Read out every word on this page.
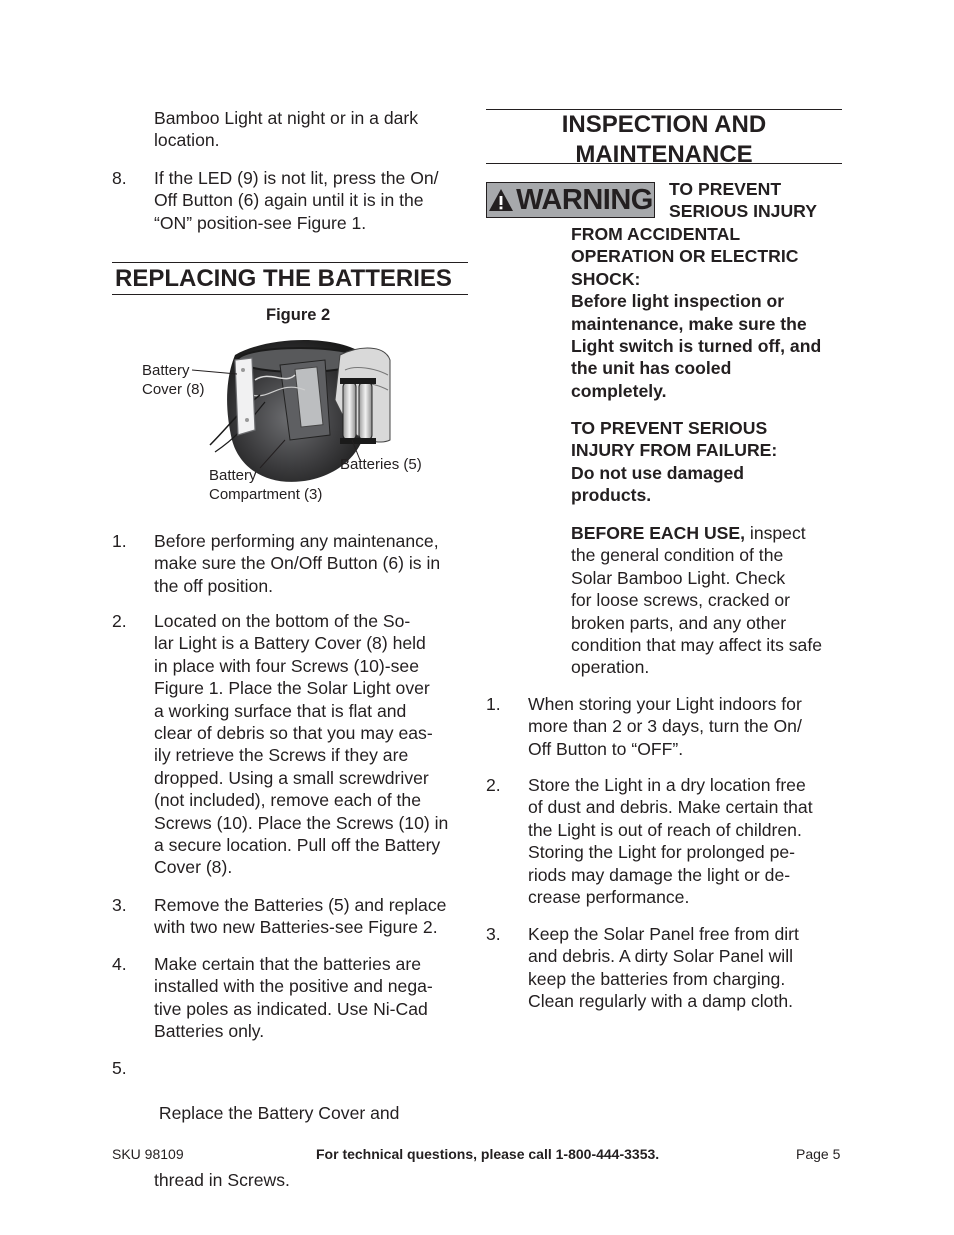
Bamboo Light at night or in a dark
location.
8. If the LED (9) is not lit, press the On/
Off Button (6) again until it is in the
“ON” position-see Figure 1.
REPLACING THE BATTERIES
Figure 2
Battery
Cover (8)
Batteries (5)
Battery
Compartment (3)
1. Before performing any maintenance,
make sure the On/Off Button (6) is in
the off position.
2. Located on the bottom of the So-
lar Light is a Battery Cover (8) held
in place with four Screws (10)-see
Figure 1. Place the Solar Light over
a working surface that is flat and
clear of debris so that you may eas-
ily retrieve the Screws if they are
dropped. Using a small screwdriver
(not included), remove each of the
Screws (10). Place the Screws (10) in
a secure location. Pull off the Battery
Cover (8).
3. Remove the Batteries (5) and replace
with two new Batteries-see Figure 2.
4. Make certain that the batteries are
installed with the positive and nega-
tive poles as indicated. Use Ni-Cad
Batteries only.
5.

Replace the Battery Cover and

thread in Screws.

INSPECTION AND
MAINTENANCE
WARNING TO PREVENT
SERIOUS INJURY
FROM ACCIDENTAL
OPERATION OR ELECTRIC
SHOCK:
Before light inspection or
maintenance, make sure the
Light switch is turned off, and
the unit has cooled
completely.
TO PREVENT SERIOUS
INJURY FROM FAILURE:
Do not use damaged
products.
BEFORE EACH USE, inspect
the general condition of the
Solar Bamboo Light. Check
for loose screws, cracked or
broken parts, and any other
condition that may affect its safe
operation.
1. When storing your Light indoors for
more than 2 or 3 days, turn the On/
Off Button to “OFF”.
2. Store the Light in a dry location free
of dust and debris. Make certain that
the Light is out of reach of children.
Storing the Light for prolonged pe-
riods may damage the light or de-
crease performance.
3. Keep the Solar Panel free from dirt
and debris. A dirty Solar Panel will
keep the batteries from charging.
Clean regularly with a damp cloth.
SKU 98109	For technical questions, please call 1-800-444-3353.	Page 5
